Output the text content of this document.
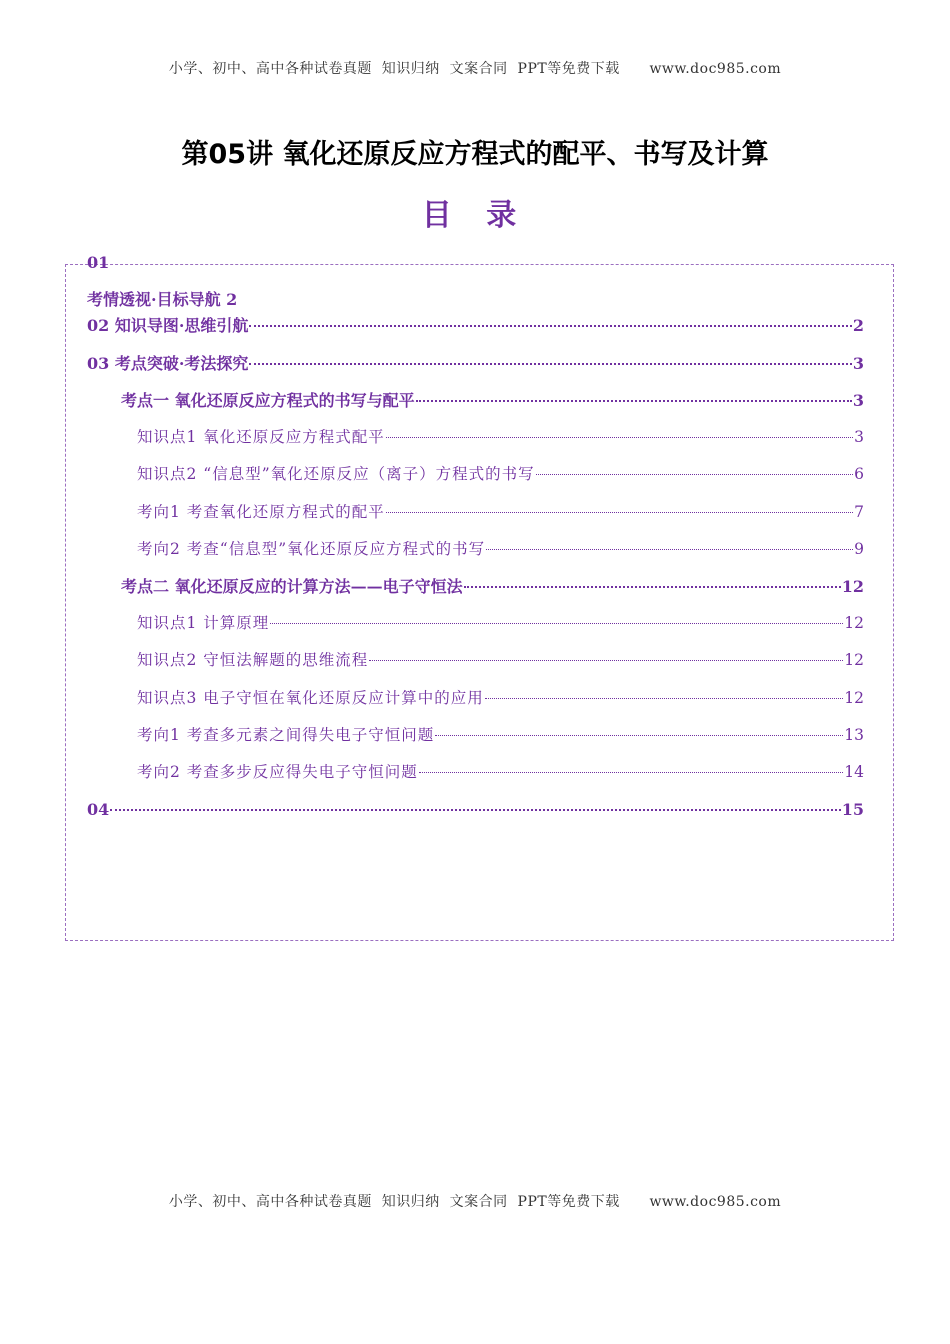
小学、初中、高中各种试卷真题  知识归纳  文案合同  PPT等免费下载      www.doc985.com
第05讲 氧化还原反应方程式的配平、书写及计算
目 录
01
考情透视·目标导航 2
02 知识导图·思维引航	2
03 考点突破·考法探究	3
考点一 氧化还原反应方程式的书写与配平	3
知识点1 氧化还原反应方程式配平	3
知识点2 “信息型”氧化还原反应（离子）方程式的书写	6
考向1 考查氧化还原方程式的配平	7
考向2 考查“信息型”氧化还原反应方程式的书写	9
考点二 氧化还原反应的计算方法——电子守恒法	12
知识点1 计算原理	12
知识点2 守恒法解题的思维流程	12
知识点3 电子守恒在氧化还原反应计算中的应用	12
考向1 考查多元素之间得失电子守恒问题	13
考向2 考查多步反应得失电子守恒问题	14
04	15
小学、初中、高中各种试卷真题  知识归纳  文案合同  PPT等免费下载      www.doc985.com
